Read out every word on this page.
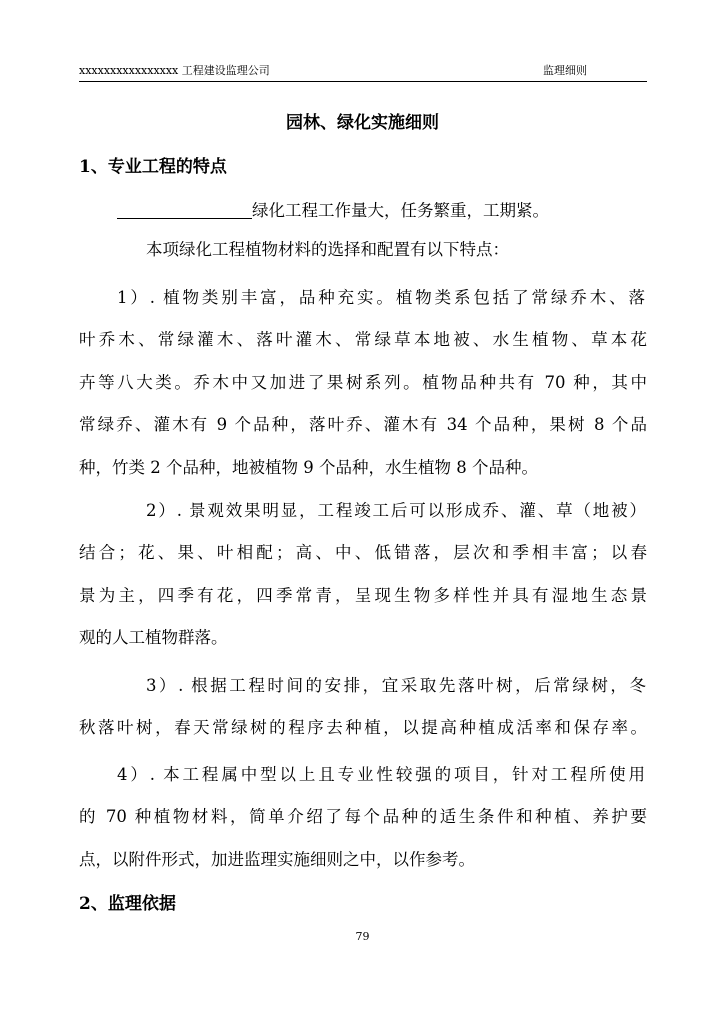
xxxxxxxxxxxxxxxx 工程建设监理公司	监理细则
园林、绿化实施细则
1、专业工程的特点
绿化工程工作量大，任务繁重，工期紧。
本项绿化工程植物材料的选择和配置有以下特点：
1）. 植物类别丰富，品种充实。植物类系包括了常绿乔木、落
叶乔木、常绿灌木、落叶灌木、常绿草本地被、水生植物、草本花
卉等八大类。乔木中又加进了果树系列。植物品种共有 70 种，其中
常绿乔、灌木有 9 个品种，落叶乔、灌木有 34 个品种，果树 8 个品
种，竹类 2 个品种，地被植物 9 个品种，水生植物 8 个品种。
2）. 景观效果明显，工程竣工后可以形成乔、灌、草（地被）
结合；花、果、叶相配；高、中、低错落，层次和季相丰富；以春
景为主，四季有花，四季常青，呈现生物多样性并具有湿地生态景
观的人工植物群落。
3）. 根据工程时间的安排，宜采取先落叶树，后常绿树，冬
秋落叶树，春天常绿树的程序去种植，以提高种植成活率和保存率。
4）. 本工程属中型以上且专业性较强的项目，针对工程所使用
的 70 种植物材料，简单介绍了每个品种的适生条件和种植、养护要
点，以附件形式，加进监理实施细则之中，以作参考。
2、监理依据
79
